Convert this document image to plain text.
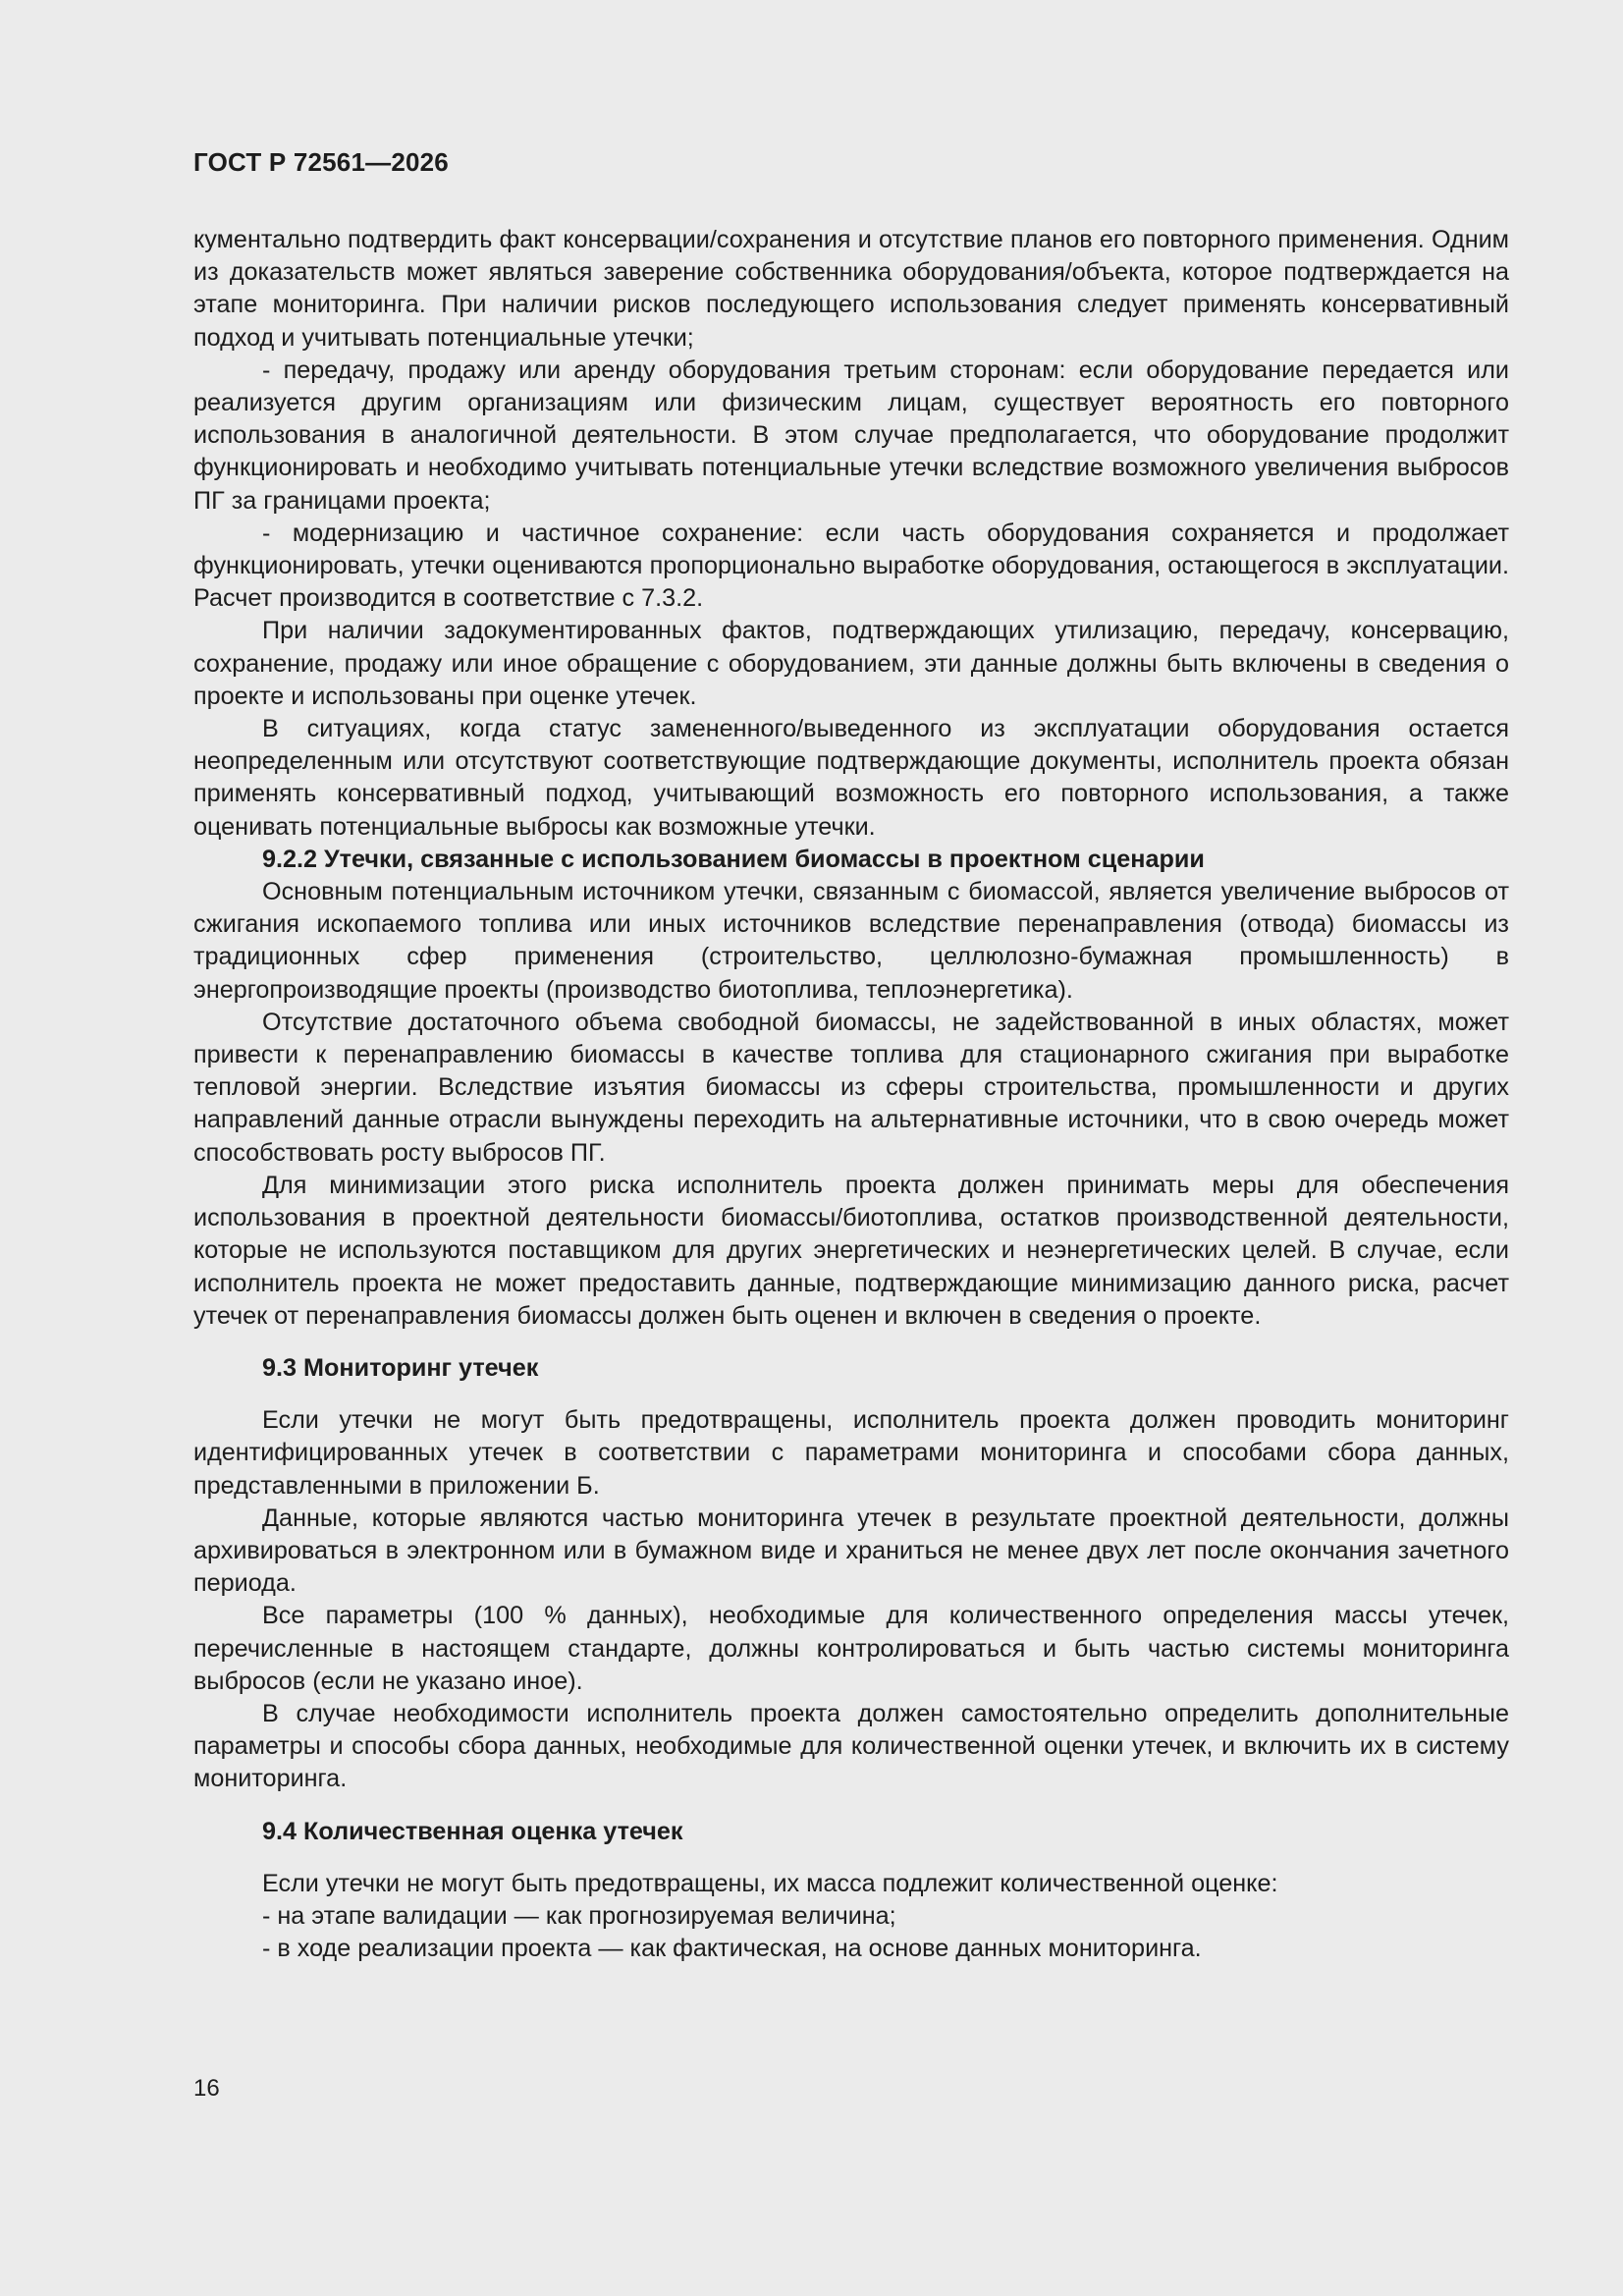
ГОСТ Р 72561—2026

кументально подтвердить факт консервации/сохранения и отсутствие планов его повторного применения. Одним из доказательств может являться заверение собственника оборудования/объекта, которое подтверждается на этапе мониторинга. При наличии рисков последующего использования следует применять консервативный подход и учитывать потенциальные утечки;

- передачу, продажу или аренду оборудования третьим сторонам: если оборудование передается или реализуется другим организациям или физическим лицам, существует вероятность его повторного использования в аналогичной деятельности. В этом случае предполагается, что оборудование продолжит функционировать и необходимо учитывать потенциальные утечки вследствие возможного увеличения выбросов ПГ за границами проекта;

- модернизацию и частичное сохранение: если часть оборудования сохраняется и продолжает функционировать, утечки оцениваются пропорционально выработке оборудования, остающегося в эксплуатации. Расчет производится в соответствие с 7.3.2.

При наличии задокументированных фактов, подтверждающих утилизацию, передачу, консервацию, сохранение, продажу или иное обращение с оборудованием, эти данные должны быть включены в сведения о проекте и использованы при оценке утечек.

В ситуациях, когда статус замененного/выведенного из эксплуатации оборудования остается неопределенным или отсутствуют соответствующие подтверждающие документы, исполнитель проекта обязан применять консервативный подход, учитывающий возможность его повторного использования, а также оценивать потенциальные выбросы как возможные утечки.

9.2.2 Утечки, связанные с использованием биомассы в проектном сценарии

Основным потенциальным источником утечки, связанным с биомассой, является увеличение выбросов от сжигания ископаемого топлива или иных источников вследствие перенаправления (отвода) биомассы из традиционных сфер применения (строительство, целлюлозно-бумажная промышленность) в энергопроизводящие проекты (производство биотоплива, теплоэнергетика).

Отсутствие достаточного объема свободной биомассы, не задействованной в иных областях, может привести к перенаправлению биомассы в качестве топлива для стационарного сжигания при выработке тепловой энергии. Вследствие изъятия биомассы из сферы строительства, промышленности и других направлений данные отрасли вынуждены переходить на альтернативные источники, что в свою очередь может способствовать росту выбросов ПГ.

Для минимизации этого риска исполнитель проекта должен принимать меры для обеспечения использования в проектной деятельности биомассы/биотоплива, остатков производственной деятельности, которые не используются поставщиком для других энергетических и неэнергетических целей. В случае, если исполнитель проекта не может предоставить данные, подтверждающие минимизацию данного риска, расчет утечек от перенаправления биомассы должен быть оценен и включен в сведения о проекте.

9.3 Мониторинг утечек

Если утечки не могут быть предотвращены, исполнитель проекта должен проводить мониторинг идентифицированных утечек в соответствии с параметрами мониторинга и способами сбора данных, представленными в приложении Б.

Данные, которые являются частью мониторинга утечек в результате проектной деятельности, должны архивироваться в электронном или в бумажном виде и храниться не менее двух лет после окончания зачетного периода.

Все параметры (100 % данных), необходимые для количественного определения массы утечек, перечисленные в настоящем стандарте, должны контролироваться и быть частью системы мониторинга выбросов (если не указано иное).

В случае необходимости исполнитель проекта должен самостоятельно определить дополнительные параметры и способы сбора данных, необходимые для количественной оценки утечек, и включить их в систему мониторинга.

9.4 Количественная оценка утечек

Если утечки не могут быть предотвращены, их масса подлежит количественной оценке:

- на этапе валидации — как прогнозируемая величина;

- в ходе реализации проекта — как фактическая, на основе данных мониторинга.

16
